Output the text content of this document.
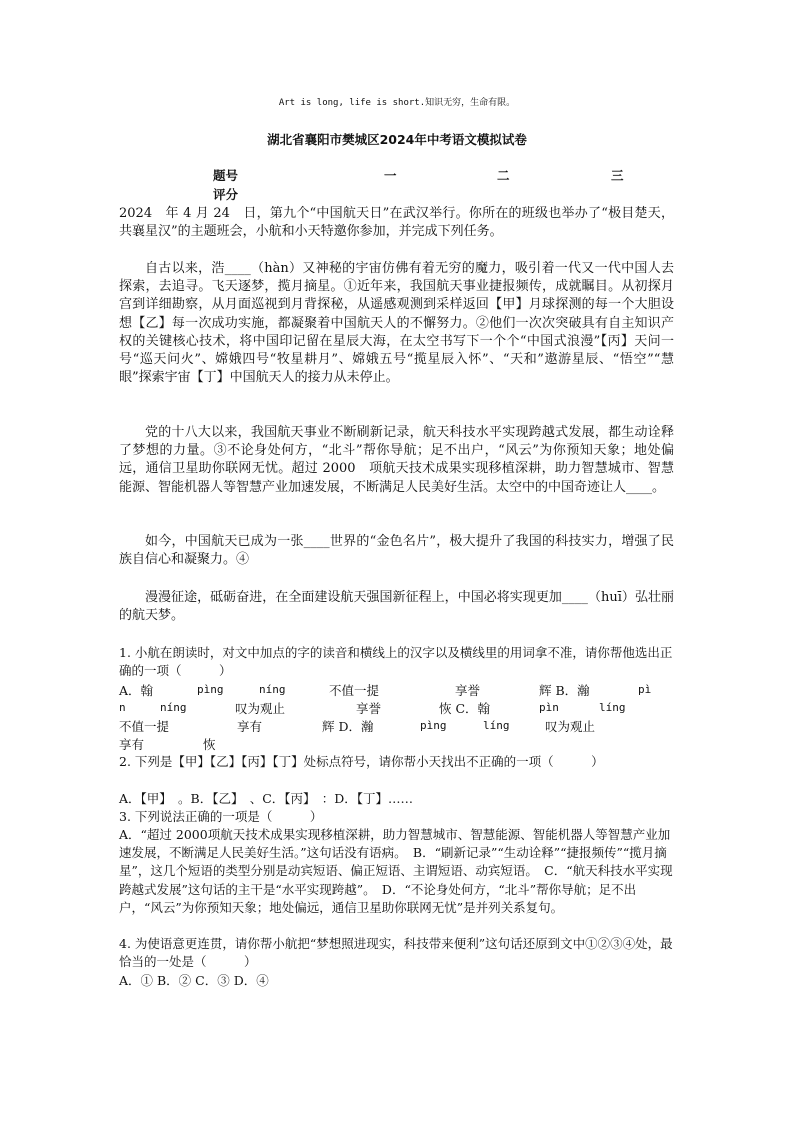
Art is long, life is short.知识无穷，生命有限。
湖北省襄阳市樊城区2024年中考语文模拟试卷
题号	一	二	三
评分

2024　年 4 月 24　日，第九个“中国航天日”在武汉举行。你所在的班级也举办了“极目楚天，共襄星汉”的主题班会，小航和小天特邀你参加，并完成下列任务。

自古以来，浩____（hàn）又神秘的宇宙仿佛有着无穷的魔力，吸引着一代又一代中国人去探索，去追寻。飞天逐梦，揽月摘星。①近年来，我国航天事业捷报频传，成就瞩目。从初探月宫到详细勘察，从月面巡视到月背探秘，从遥感观测到采样返回【甲】月球探测的每一个大胆设想【乙】每一次成功实施，都凝聚着中国航天人的不懈努力。②他们一次次突破具有自主知识产权的关键核心技术，将中国印记留在星辰大海，在太空书写下一个个“中国式浪漫”【丙】天问一号“巡天问火”、嫦娥四号“牧星耕月”、嫦娥五号“揽星辰入怀”、“天和”遨游星辰、“悟空”“慧眼”探索宇宙【丁】中国航天人的接力从未停止。

党的十八大以来，我国航天事业不断刷新记录，航天科技水平实现跨越式发展，都生动诠释了梦想的力量。③不论身处何方，“北斗”帮你导航；足不出户，“风云”为你预知天象；地处偏远，通信卫星助你联网无忧。超过 2000　项航天技术成果实现移植深耕，助力智慧城市、智慧能源、智能机器人等智慧产业加速发展，不断满足人民美好生活。太空中的中国奇迹让人____。

如今，中国航天已成为一张____世界的“金色名片”，极大提升了我国的科技实力，增强了民族自信心和凝聚力。④

漫漫征途，砥砺奋进，在全面建设航天强国新征程上，中国必将实现更加____（huī）弘壮丽的航天梦。

1. 小航在朗读时，对文中加点的字的读音和横线上的汉字以及横线里的用词拿不准，请你帮他选出正确的一项（　　　）

A．翰	pìng	níng	不值一提	享誉	辉 B．瀚	pì
n	níng	叹为观止	享誉	恢 C．翰	pìn	líng
不值一提	享有	辉 D．瀚	pìng	líng	叹为观止
享有	恢

2. 下列是【甲】【乙】【丙】【丁】处标点符号，请你帮小天找出不正确的一项（　　　）

A．【甲】　。B．【乙】　、C．【丙】　：D．【丁】……

3. 下列说法正确的一项是（　　　）

A．“超过 2000项航天技术成果实现移植深耕，助力智慧城市、智慧能源、智能机器人等智慧产业加速发展，不断满足人民美好生活。”这句话没有语病。　B．“刷新记录”“生动诠释”“捷报频传”“揽月摘星”，这几个短语的类型分别是动宾短语、偏正短语、主谓短语、动宾短语。　C．“航天科技水平实现跨越式发展”这句话的主干是“水平实现跨越”。　D．“不论身处何方，“北斗”帮你导航；足不出户，“风云”为你预知天象；地处偏远，通信卫星助你联网无忧”是并列关系复句。

4. 为使语意更连贯，请你帮小航把“梦想照进现实，科技带来便利”这句话还原到文中①②③④处，最恰当的一处是（　　　）

A．① B．② C．③ D．④
